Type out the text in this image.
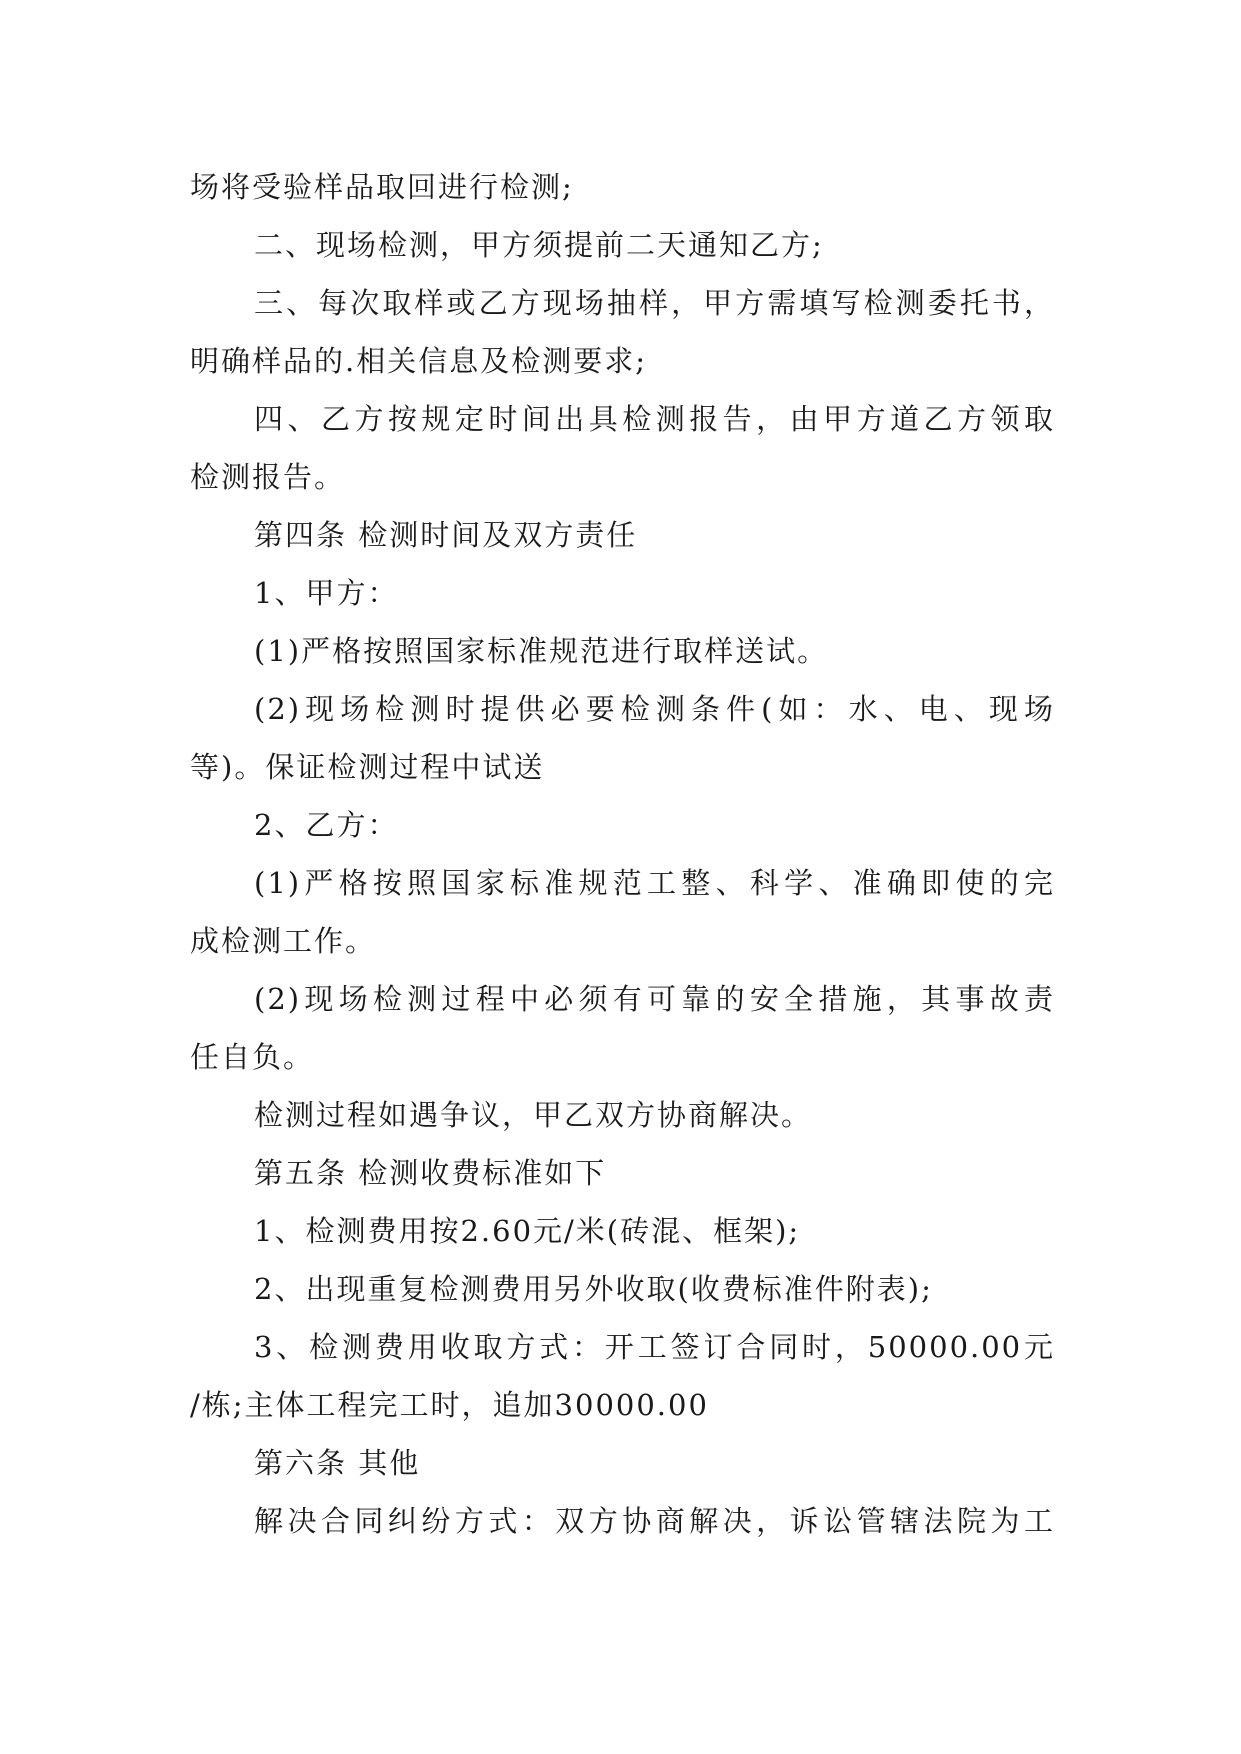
场将受验样品取回进行检测;
二、现场检测，甲方须提前二天通知乙方;
三、每次取样或乙方现场抽样，甲方需填写检测委托书，
明确样品的.相关信息及检测要求;
四、乙方按规定时间出具检测报告，由甲方道乙方领取
检测报告。
第四条 检测时间及双方责任
1、甲方：
(1)严格按照国家标准规范进行取样送试。
(2)现场检测时提供必要检测条件(如：水、电、现场
等)。保证检测过程中试送
2、乙方：
(1)严格按照国家标准规范工整、科学、准确即使的完
成检测工作。
(2)现场检测过程中必须有可靠的安全措施，其事故责
任自负。
检测过程如遇争议，甲乙双方协商解决。
第五条 检测收费标准如下
1、检测费用按2.60元/米(砖混、框架);
2、出现重复检测费用另外收取(收费标准件附表);
3、检测费用收取方式：开工签订合同时，50000.00元
/栋;主体工程完工时，追加30000.00
第六条 其他
解决合同纠纷方式：双方协商解决，诉讼管辖法院为工
